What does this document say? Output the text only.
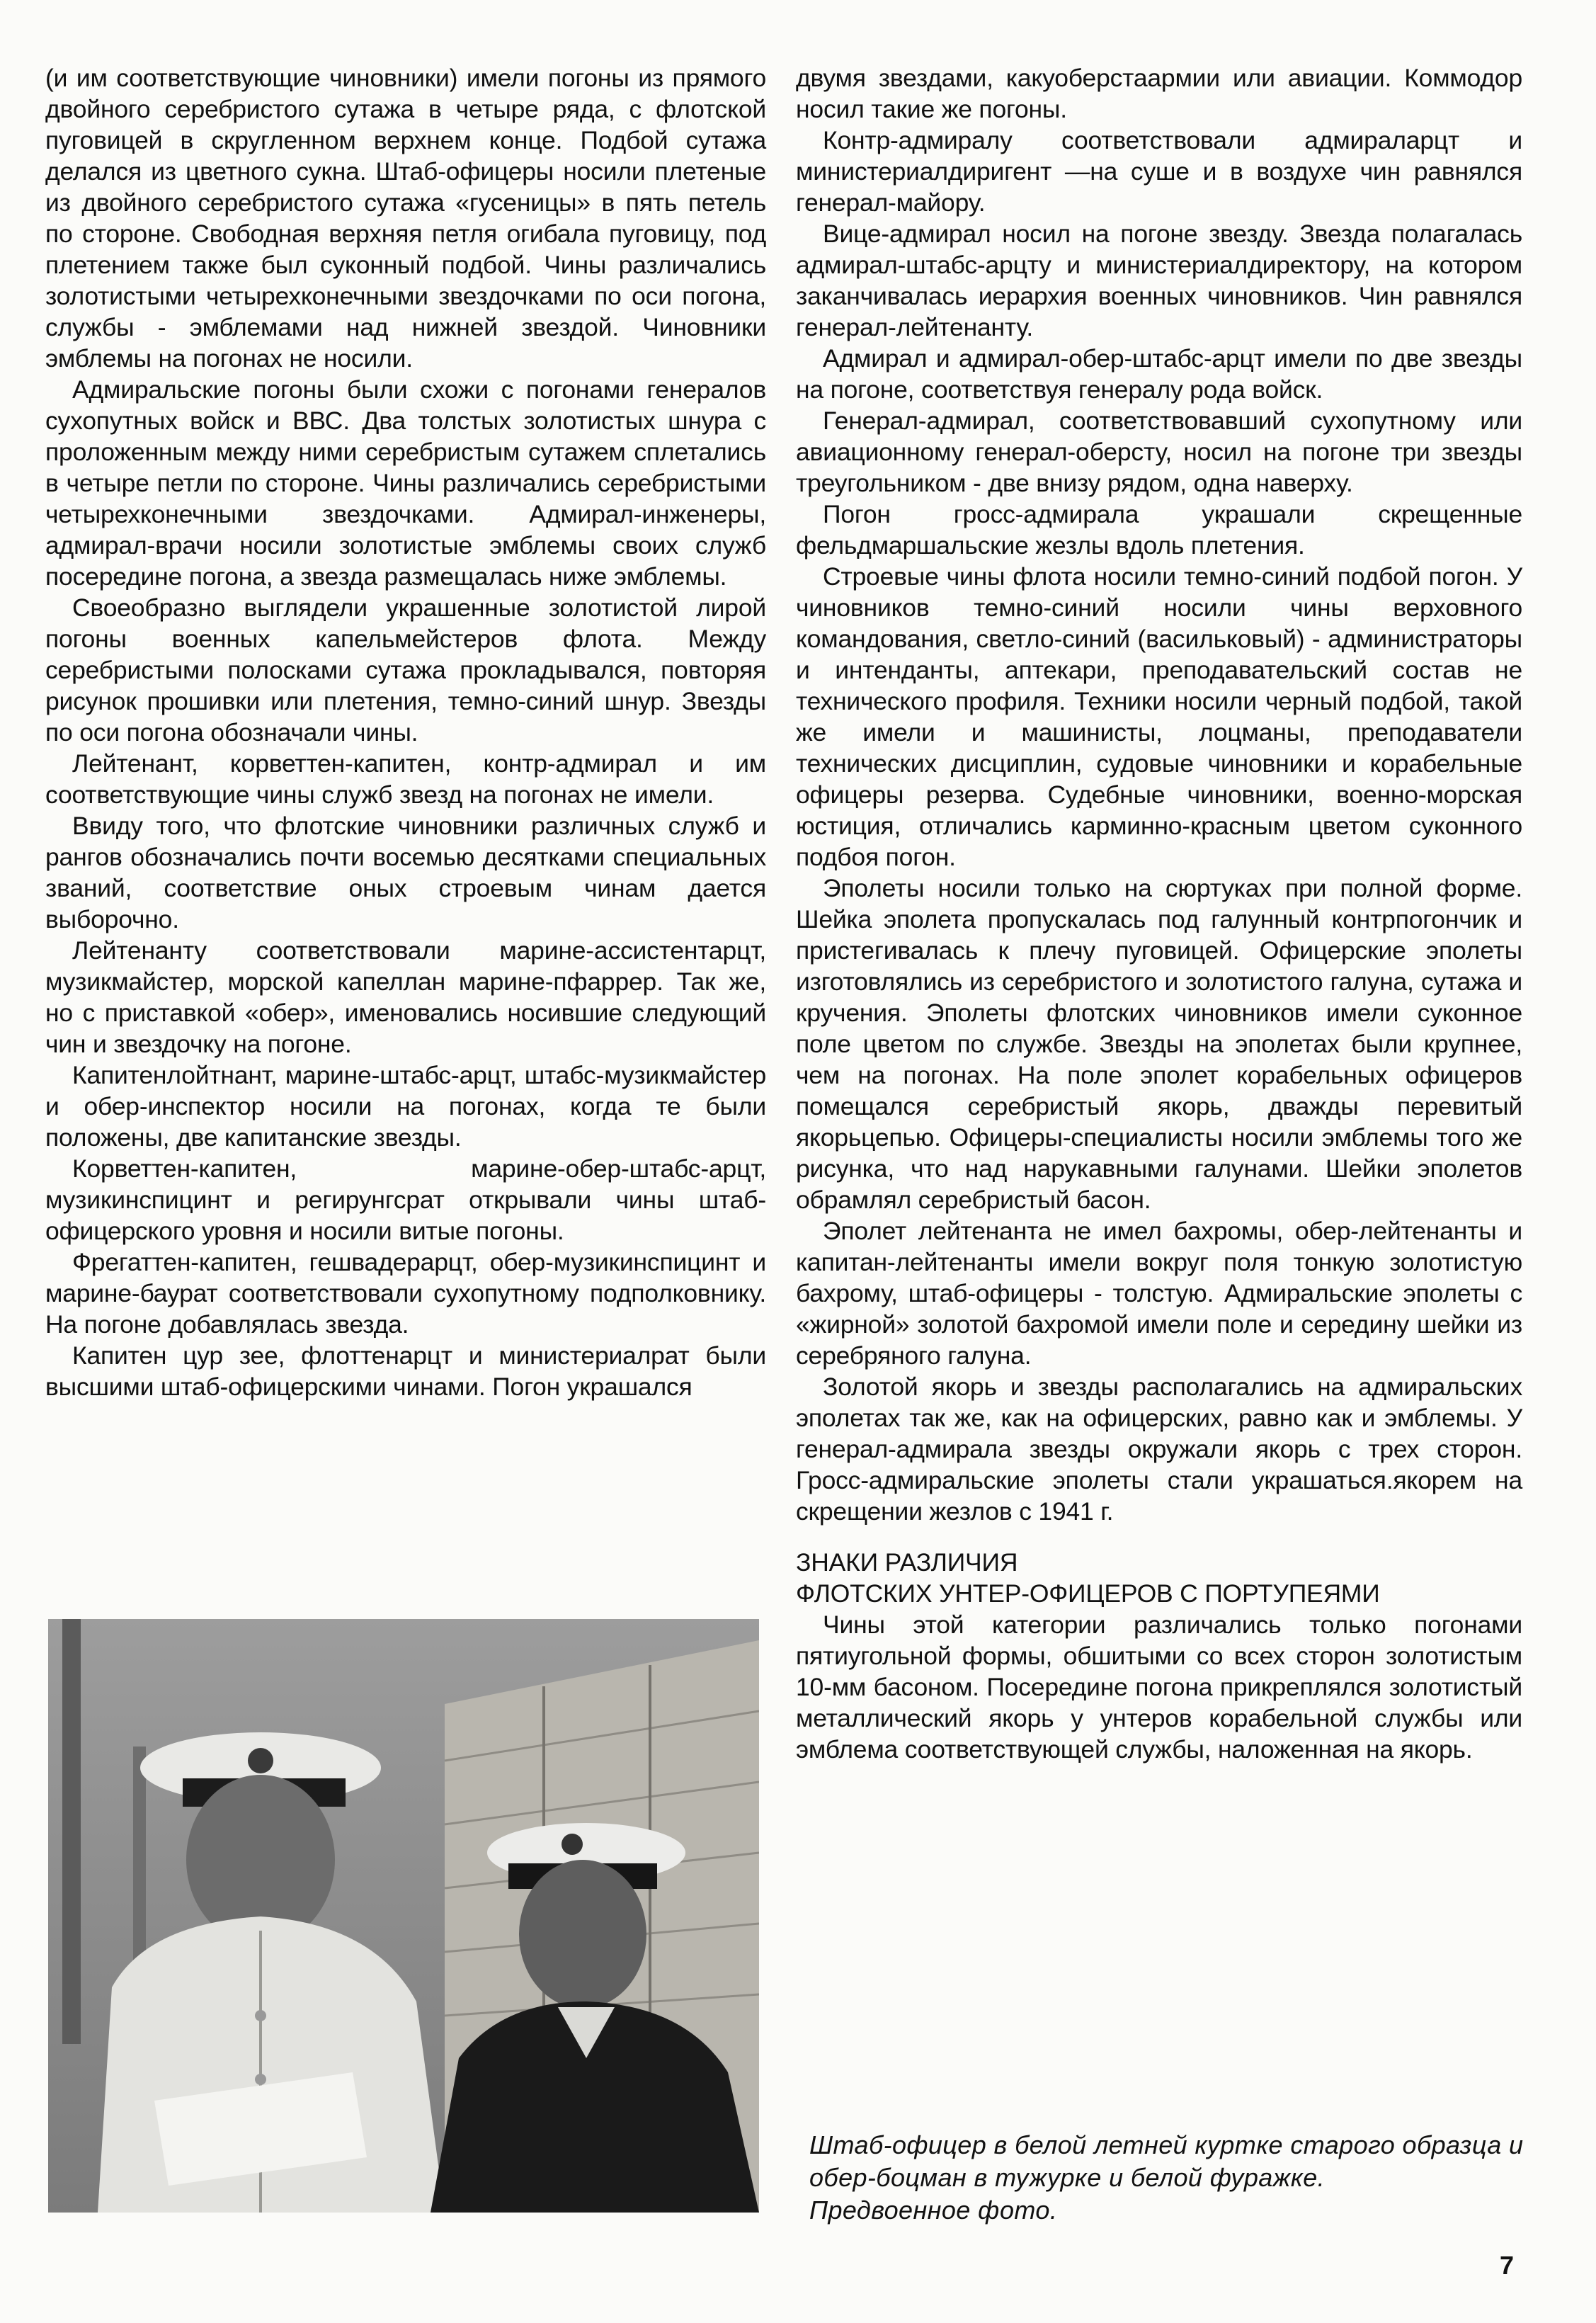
(и им соответствующие чиновники) имели погоны из прямого двойного серебристого сутажа в четыре ряда, с флотской пуговицей в скругленном верхнем конце. Подбой сутажа делался из цветного сукна. Штаб-офицеры носили плетеные из двойного серебристого сутажа «гусеницы» в пять петель по стороне. Свободная верхняя петля огибала пуговицу, под плетением также был суконный подбой. Чины различались золотистыми четырехконечными звездочками по оси погона, службы - эмблемами над нижней звездой. Чиновники эмблемы на погонах не носили.

Адмиральские погоны были схожи с погонами генералов сухопутных войск и ВВС. Два толстых золотистых шнура с проложенным между ними серебристым сутажем сплетались в четыре петли по стороне. Чины различались серебристыми четырехконечными звездочками. Адмирал-инженеры, адмирал-врачи носили золотистые эмблемы своих служб посередине погона, а звезда размещалась ниже эмблемы.

Своеобразно выглядели украшенные золотистой лирой погоны военных капельмейстеров флота. Между серебристыми полосками сутажа прокладывался, повторяя рисунок прошивки или плетения, темно-синий шнур. Звезды по оси погона обозначали чины.

Лейтенант, корветтен-капитен, контр-адмирал и им соответствующие чины служб звезд на погонах не имели.

Ввиду того, что флотские чиновники различных служб и рангов обозначались почти восемью десятками специальных званий, соответствие оных строевым чинам дается выборочно.

Лейтенанту соответствовали марине-ассистентарцт, музикмайстер, морской капеллан марине-пфаррер. Так же, но с приставкой «обер», именовались носившие следующий чин и звездочку на погоне.

Капитенлойтнант, марине-штабс-арцт, штабс-музикмайстер и обер-инспектор носили на погонах, когда те были положены, две капитанские звезды.

Корветтен-капитен, марине-обер-штабс-арцт, музикинспицинт и регирунгсрат открывали чины штаб-офицерского уровня и носили витые погоны.

Фрегаттен-капитен, гешвадерарцт, обер-музикинспицинт и марине-баурат соответствовали сухопутному подполковнику. На погоне добавлялась звезда.

Капитен цур зее, флоттенарцт и министериалрат были высшими штаб-офицерскими чинами. Погон украшался

двумя звездами, какуоберстаармии или авиации. Коммодор носил такие же погоны.

Контр-адмиралу соответствовали адмираларцт и министериалдиригент —на суше и в воздухе чин равнялся генерал-майору.

Вице-адмирал носил на погоне звезду. Звезда полагалась адмирал-штабс-арцту и министериалдиректору, на котором заканчивалась иерархия военных чиновников. Чин равнялся генерал-лейтенанту.

Адмирал и адмирал-обер-штабс-арцт имели по две звезды на погоне, соответствуя генералу рода войск.

Генерал-адмирал, соответствовавший сухопутному или авиационному генерал-оберсту, носил на погоне три звезды треугольником - две внизу рядом, одна наверху.

Погон гросс-адмирала украшали скрещенные фельдмаршальские жезлы вдоль плетения.

Строевые чины флота носили темно-синий подбой погон. У чиновников темно-синий носили чины верховного командования, светло-синий (васильковый) - администраторы и интенданты, аптекари, преподавательский состав не технического профиля. Техники носили черный подбой, такой же имели и машинисты, лоцманы, преподаватели технических дисциплин, судовые чиновники и корабельные офицеры резерва. Судебные чиновники, военно-морская юстиция, отличались карминно-красным цветом суконного подбоя погон.

Эполеты носили только на сюртуках при полной форме. Шейка эполета пропускалась под галунный контрпогончик и пристегивалась к плечу пуговицей. Офицерские эполеты изготовлялись из серебристого и золотистого галуна, сутажа и кручения. Эполеты флотских чиновников имели суконное поле цветом по службе. Звезды на эполетах были крупнее, чем на погонах. На поле эполет корабельных офицеров помещался серебристый якорь, дважды перевитый якорьцепью. Офицеры-специалисты носили эмблемы того же рисунка, что над нарукавными галунами. Шейки эполетов обрамлял серебристый басон.

Эполет лейтенанта не имел бахромы, обер-лейтенанты и капитан-лейтенанты имели вокруг поля тонкую золотистую бахрому, штаб-офицеры - толстую. Адмиральские эполеты с «жирной» золотой бахромой имели поле и середину шейки из серебряного галуна.

Золотой якорь и звезды располагались на адмиральских эполетах так же, как на офицерских, равно как и эмблемы. У генерал-адмирала звезды окружали якорь с трех сторон. Гросс-адмиральские эполеты стали украшаться.якорем на скрещении жезлов с 1941 г.

ЗНАКИ РАЗЛИЧИЯ

ФЛОТСКИХ УНТЕР-ОФИЦЕРОВ С ПОРТУПЕЯМИ

Чины этой категории различались только погонами пятиугольной формы, обшитыми со всех сторон золотистым 10-мм басоном. Посередине погона прикреплялся золотистый металлический якорь у унтеров корабельной службы или эмблема соответствующей службы, наложенная на якорь.

Штаб-офицер в белой летней куртке старого образца и
обер-боцман в тужурке и белой фуражке.
Предвоенное фото.
7
